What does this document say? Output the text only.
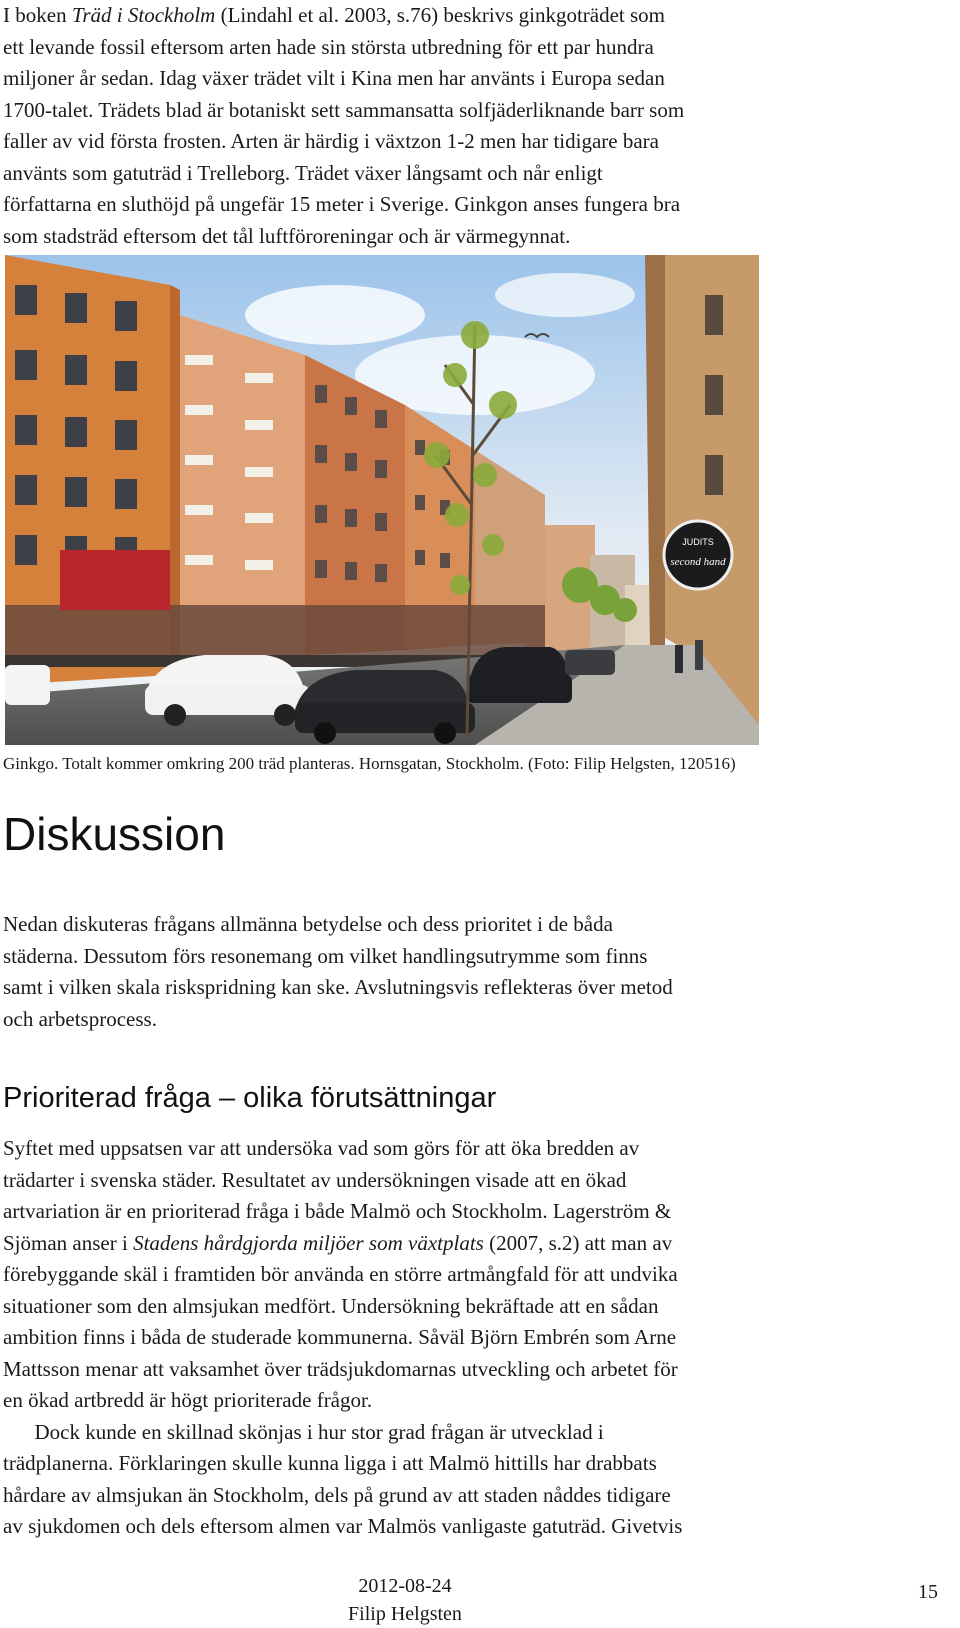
I boken Träd i Stockholm (Lindahl et al. 2003, s.76) beskrivs ginkgoträdet som
ett levande fossil eftersom arten hade sin största utbredning för ett par hundra
miljoner år sedan. Idag växer trädet vilt i Kina men har använts i Europa sedan
1700-talet. Trädets blad är botaniskt sett sammansatta solfjäderliknande barr som
faller av vid första frosten. Arten är härdig i växtzon 1-2 men har tidigare bara
använts som gatuträd i Trelleborg. Trädet växer långsamt och når enligt
författarna en sluthöjd på ungefär 15 meter i Sverige. Ginkgon anses fungera bra
som stadsträd eftersom det tål luftföroreningar och är värmegynnat.
JUDITS
second hand
Ginkgo. Totalt kommer omkring 200 träd planteras. Hornsgatan, Stockholm. (Foto: Filip Helgsten, 120516)
Diskussion
Nedan diskuteras frågans allmänna betydelse och dess prioritet i de båda
städerna. Dessutom förs resonemang om vilket handlingsutrymme som finns
samt i vilken skala riskspridning kan ske. Avslutningsvis reflekteras över metod
och arbetsprocess.
Prioriterad fråga – olika förutsättningar
Syftet med uppsatsen var att undersöka vad som görs för att öka bredden av
trädarter i svenska städer. Resultatet av undersökningen visade att en ökad
artvariation är en prioriterad fråga i både Malmö och Stockholm. Lagerström &
Sjöman anser i Stadens hårdgjorda miljöer som växtplats (2007, s.2) att man av
förebyggande skäl i framtiden bör använda en större artmångfald för att undvika
situationer som den almsjukan medfört. Undersökning bekräftade att en sådan
ambition finns i båda de studerade kommunerna. Såväl Björn Embrén som Arne
Mattsson menar att vaksamhet över trädsjukdomarnas utveckling och arbetet för
en ökad artbredd är högt prioriterade frågor.
Dock kunde en skillnad skönjas i hur stor grad frågan är utvecklad i
trädplanerna. Förklaringen skulle kunna ligga i att Malmö hittills har drabbats
hårdare av almsjukan än Stockholm, dels på grund av att staden nåddes tidigare
av sjukdomen och dels eftersom almen var Malmös vanligaste gatuträd. Givetvis
2012-08-24
Filip Helgsten
15
